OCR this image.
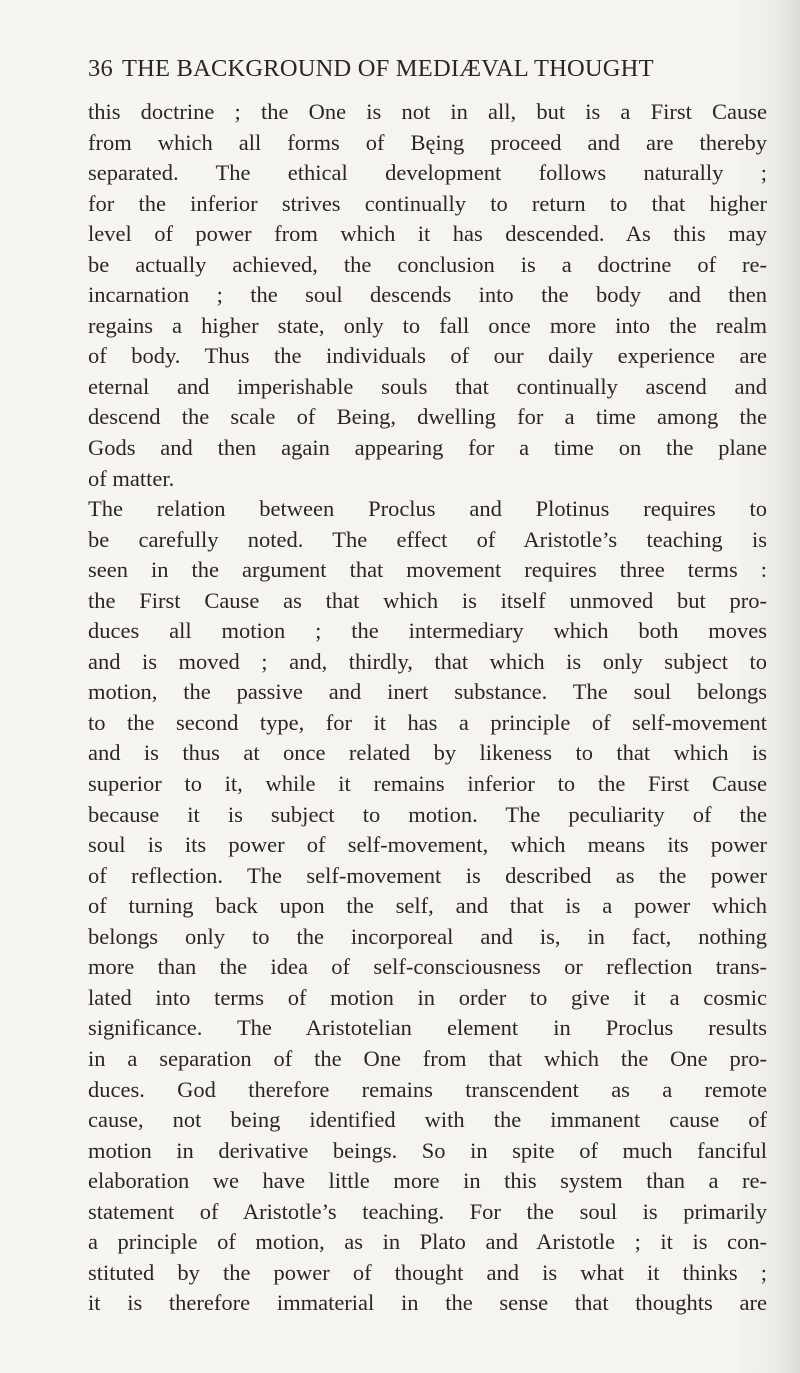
36 THE BACKGROUND OF MEDIÆVAL THOUGHT
this doctrine ; the One is not in all, but is a First Cause
from which all forms of Bęing proceed and are thereby
separated. The ethical development follows naturally ;
for the inferior strives continually to return to that higher
level of power from which it has descended. As this may
be actually achieved, the conclusion is a doctrine of re-
incarnation ; the soul descends into the body and then
regains a higher state, only to fall once more into the realm
of body. Thus the individuals of our daily experience are
eternal and imperishable souls that continually ascend and
descend the scale of Being, dwelling for a time among the
Gods and then again appearing for a time on the plane
of matter.
The relation between Proclus and Plotinus requires to
be carefully noted. The effect of Aristotle’s teaching is
seen in the argument that movement requires three terms :
the First Cause as that which is itself unmoved but pro-
duces all motion ; the intermediary which both moves
and is moved ; and, thirdly, that which is only subject to
motion, the passive and inert substance. The soul belongs
to the second type, for it has a principle of self-movement
and is thus at once related by likeness to that which is
superior to it, while it remains inferior to the First Cause
because it is subject to motion. The peculiarity of the
soul is its power of self-movement, which means its power
of reflection. The self-movement is described as the power
of turning back upon the self, and that is a power which
belongs only to the incorporeal and is, in fact, nothing
more than the idea of self-consciousness or reflection trans-
lated into terms of motion in order to give it a cosmic
significance. The Aristotelian element in Proclus results
in a separation of the One from that which the One pro-
duces. God therefore remains transcendent as a remote
cause, not being identified with the immanent cause of
motion in derivative beings. So in spite of much fanciful
elaboration we have little more in this system than a re-
statement of Aristotle’s teaching. For the soul is primarily
a principle of motion, as in Plato and Aristotle ; it is con-
stituted by the power of thought and is what it thinks ;
it is therefore immaterial in the sense that thoughts are
